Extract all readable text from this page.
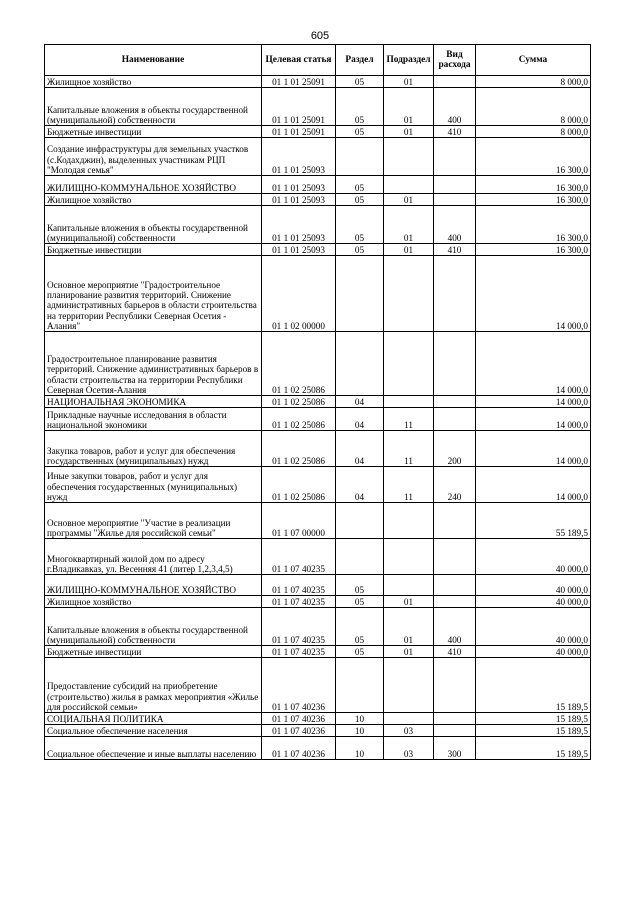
605
Наименование	Целевая статья	Раздел	Подраздел	Вид расхода	Сумма
Жилищное хозяйство	01 1 01 25091	05	01		8 000,0
Капитальные вложения в объекты государственной (муниципальной) собственности	01 1 01 25091	05	01	400	8 000,0
Бюджетные инвестиции	01 1 01 25091	05	01	410	8 000,0
Создание инфраструктуры для земельных участков (с.Кодахджин), выделенных участникам РЦП "Молодая семья"	01 1 01 25093				16 300,0
ЖИЛИЩНО-КОММУНАЛЬНОЕ ХОЗЯЙСТВО	01 1 01 25093	05			16 300,0
Жилищное хозяйство	01 1 01 25093	05	01		16 300,0
Капитальные вложения в объекты государственной (муниципальной) собственности	01 1 01 25093	05	01	400	16 300,0
Бюджетные инвестиции	01 1 01 25093	05	01	410	16 300,0
Основное мероприятие "Градостроительное планирование развития территорий. Снижение административных барьеров в области строительства на территории Республики Северная Осетия - Алания"	01 1 02 00000				14 000,0
Градостроительное планирование развития территорий. Снижение административных барьеров в области строительства на территории Республики Северная Осетия-Алания	01 1 02 25086				14 000,0
НАЦИОНАЛЬНАЯ ЭКОНОМИКА	01 1 02 25086	04			14 000,0
Прикладные научные исследования в области национальной экономики	01 1 02 25086	04	11		14 000,0
Закупка товаров, работ и услуг для обеспечения государственных (муниципальных) нужд	01 1 02 25086	04	11	200	14 000,0
Иные закупки товаров, работ и услуг для обеспечения государственных (муниципальных) нужд	01 1 02 25086	04	11	240	14 000,0
Основное мероприятие "Участие в реализации программы "Жилье для российской семьи"	01 1 07 00000				55 189,5
Многоквартирный жилой дом по адресу г.Владикавказ, ул. Весенняя 41 (литер 1,2,3,4,5)	01 1 07 40235				40 000,0
ЖИЛИЩНО-КОММУНАЛЬНОЕ ХОЗЯЙСТВО	01 1 07 40235	05			40 000,0
Жилищное хозяйство	01 1 07 40235	05	01		40 000,0
Капитальные вложения в объекты государственной (муниципальной) собственности	01 1 07 40235	05	01	400	40 000,0
Бюджетные инвестиции	01 1 07 40235	05	01	410	40 000,0
Предоставление субсидий на приобретение (строительство) жилья в рамках мероприятия «Жилье для российской семьи»	01 1 07 40236				15 189,5
СОЦИАЛЬНАЯ ПОЛИТИКА	01 1 07 40236	10			15 189,5
Социальное обеспечение населения	01 1 07 40236	10	03		15 189,5
Социальное обеспечение и иные выплаты населению	01 1 07 40236	10	03	300	15 189,5
